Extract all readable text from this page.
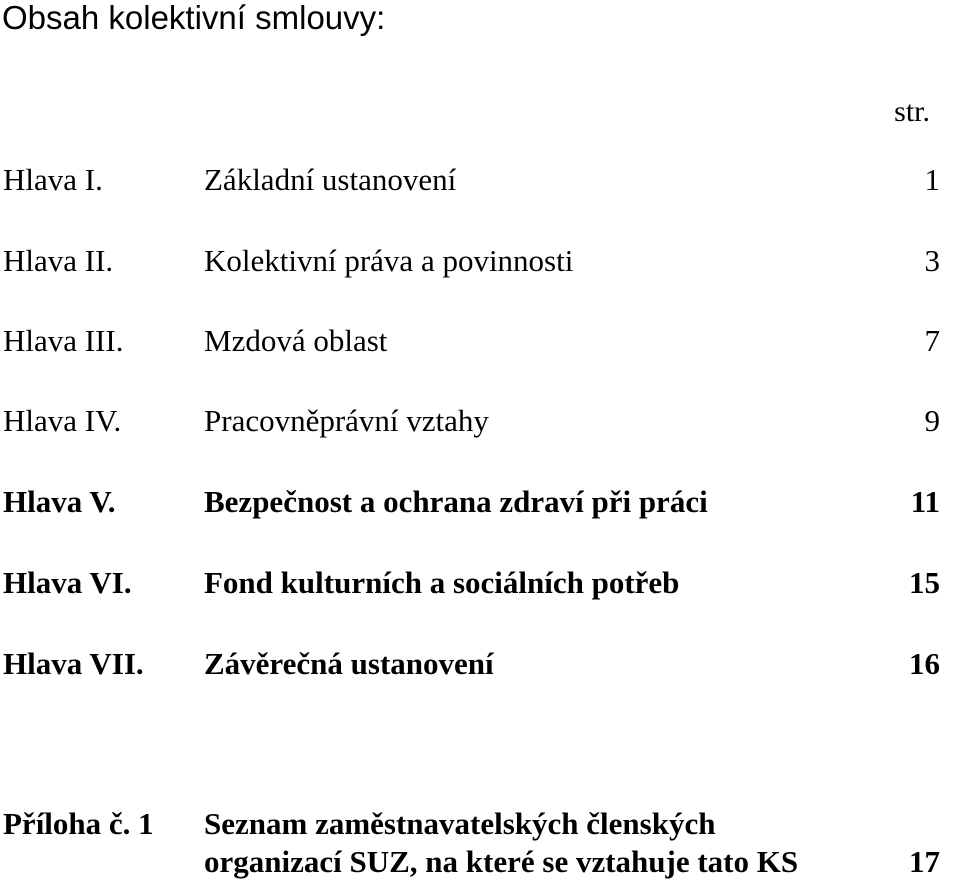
Obsah kolektivní smlouvy:
str.
Hlava I.	Základní ustanovení	1
Hlava II.	Kolektivní práva a povinnosti	3
Hlava III.	Mzdová oblast	7
Hlava IV.	Pracovněprávní vztahy	9
Hlava V.	Bezpečnost a ochrana zdraví při práci	11
Hlava VI. Fond kulturních a sociálních potřeb	15
Hlava VII. Závěrečná ustanovení	16
Příloha č. 1 Seznam zaměstnavatelských členských
organizací SUZ, na které se vztahuje tato KS	17
